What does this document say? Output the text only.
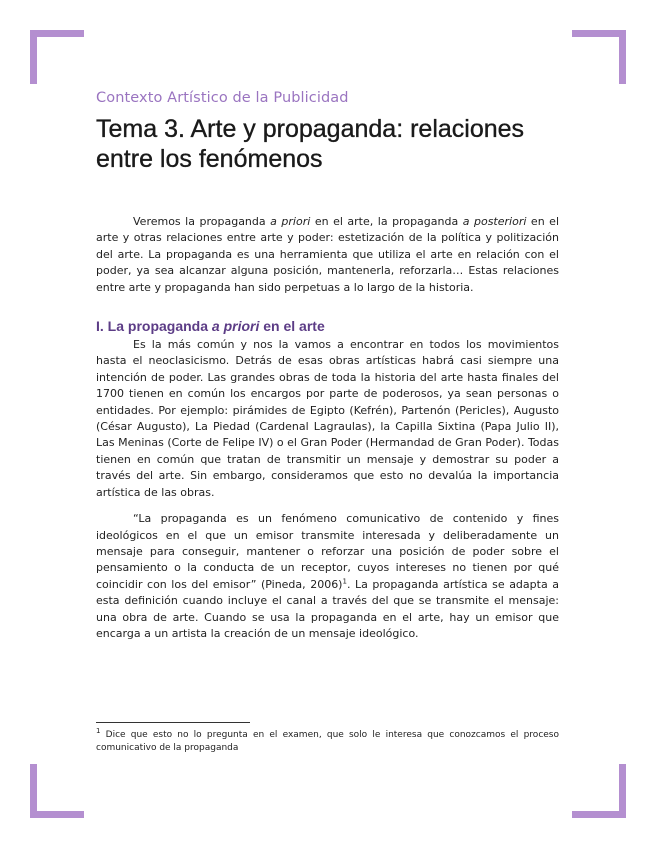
Contexto Artístico de la Publicidad
Tema 3. Arte y propaganda: relaciones entre los fenómenos

Veremos la propaganda a priori en el arte, la propaganda a posteriori en el arte y otras relaciones entre arte y poder: estetización de la política y politización del arte. La propaganda es una herramienta que utiliza el arte en relación con el poder, ya sea alcanzar alguna posición, mantenerla, reforzarla… Estas relaciones entre arte y propaganda han sido perpetuas a lo largo de la historia.

I. La propaganda a priori en el arte

Es la más común y nos la vamos a encontrar en todos los movimientos hasta el neoclasicismo. Detrás de esas obras artísticas habrá casi siempre una intención de poder. Las grandes obras de toda la historia del arte hasta finales del 1700 tienen en común los encargos por parte de poderosos, ya sean personas o entidades. Por ejemplo: pirámides de Egipto (Kefrén), Partenón (Pericles), Augusto (César Augusto), La Piedad (Cardenal Lagraulas), la Capilla Sixtina (Papa Julio II), Las Meninas (Corte de Felipe IV) o el Gran Poder (Hermandad de Gran Poder). Todas tienen en común que tratan de transmitir un mensaje y demostrar su poder a través del arte. Sin embargo, consideramos que esto no devalúa la importancia artística de las obras.

“La propaganda es un fenómeno comunicativo de contenido y fines ideológicos en el que un emisor transmite interesada y deliberadamente un mensaje para conseguir, mantener o reforzar una posición de poder sobre el pensamiento o la conducta de un receptor, cuyos intereses no tienen por qué coincidir con los del emisor” (Pineda, 2006)$^1$. La propaganda artística se adapta a esta definición cuando incluye el canal a través del que se transmite el mensaje: una obra de arte. Cuando se usa la propaganda en el arte, hay un emisor que encarga a un artista la creación de un mensaje ideológico.

$^1$ Dice que esto no lo pregunta en el examen, que solo le interesa que conozcamos el proceso comunicativo de la propaganda
